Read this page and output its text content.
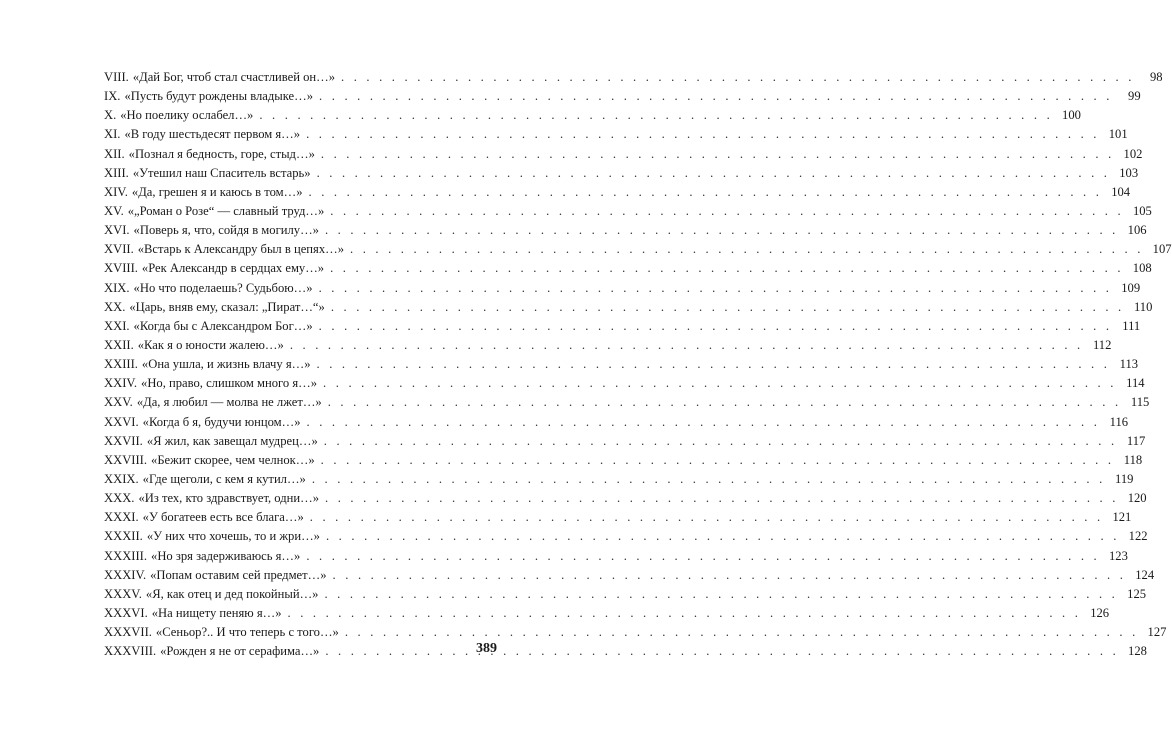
VIII. «Дай Бог, чтоб стал счастливей он…» . . .	98
IX. «Пусть будут рождены владыке…» . . .	99
X. «Но поелику ослабел…» . . .	100
XI. «В году шестьдесят первом я…» . . .	101
XII. «Познал я бедность, горе, стыд…» . . .	102
XIII. «Утешил наш Спаситель встарь» . . .	103
XIV. «Да, грешен я и каюсь в том…» . . .	104
XV. «„Роман о Розе“ — славный труд…» . . .	105
XVI. «Поверь я, что, сойдя в могилу…» . . .	106
XVII. «Встарь к Александру был в цепях…» . . .	107
XVIII. «Рек Александр в сердцах ему…» . . .	108
XIX. «Но что поделаешь? Судьбою…» . . .	109
XX. «Царь, вняв ему, сказал: „Пират…“» . . .	110
XXI. «Когда бы с Александром Бог…» . . .	111
XXII. «Как я о юности жалею…» . . .	112
XXIII. «Она ушла, и жизнь влачу я…» . . .	113
XXIV. «Но, право, слишком много я…» . . .	114
XXV. «Да, я любил — молва не лжет…» . . .	115
XXVI. «Когда б я, будучи юнцом…» . . .	116
XXVII. «Я жил, как завещал мудрец…» . . .	117
XXVIII. «Бежит скорее, чем челнок…» . . .	118
XXIX. «Где щеголи, с кем я кутил…» . . .	119
XXX. «Из тех, кто здравствует, одни…» . . .	120
XXXI. «У богатеев есть все блага…» . . .	121
XXXII. «У них что хочешь, то и жри…» . . .	122
XXXIII. «Но зря задерживаюсь я…» . . .	123
XXXIV. «Попам оставим сей предмет…» . . .	124
XXXV. «Я, как отец и дед покойный…» . . .	125
XXXVI. «На нищету пеняю я…» . . .	126
XXXVII. «Сеньор?.. И что теперь с того…» . . .	127
XXXVIII. «Рожден я не от серафима…» . . .	128
389
